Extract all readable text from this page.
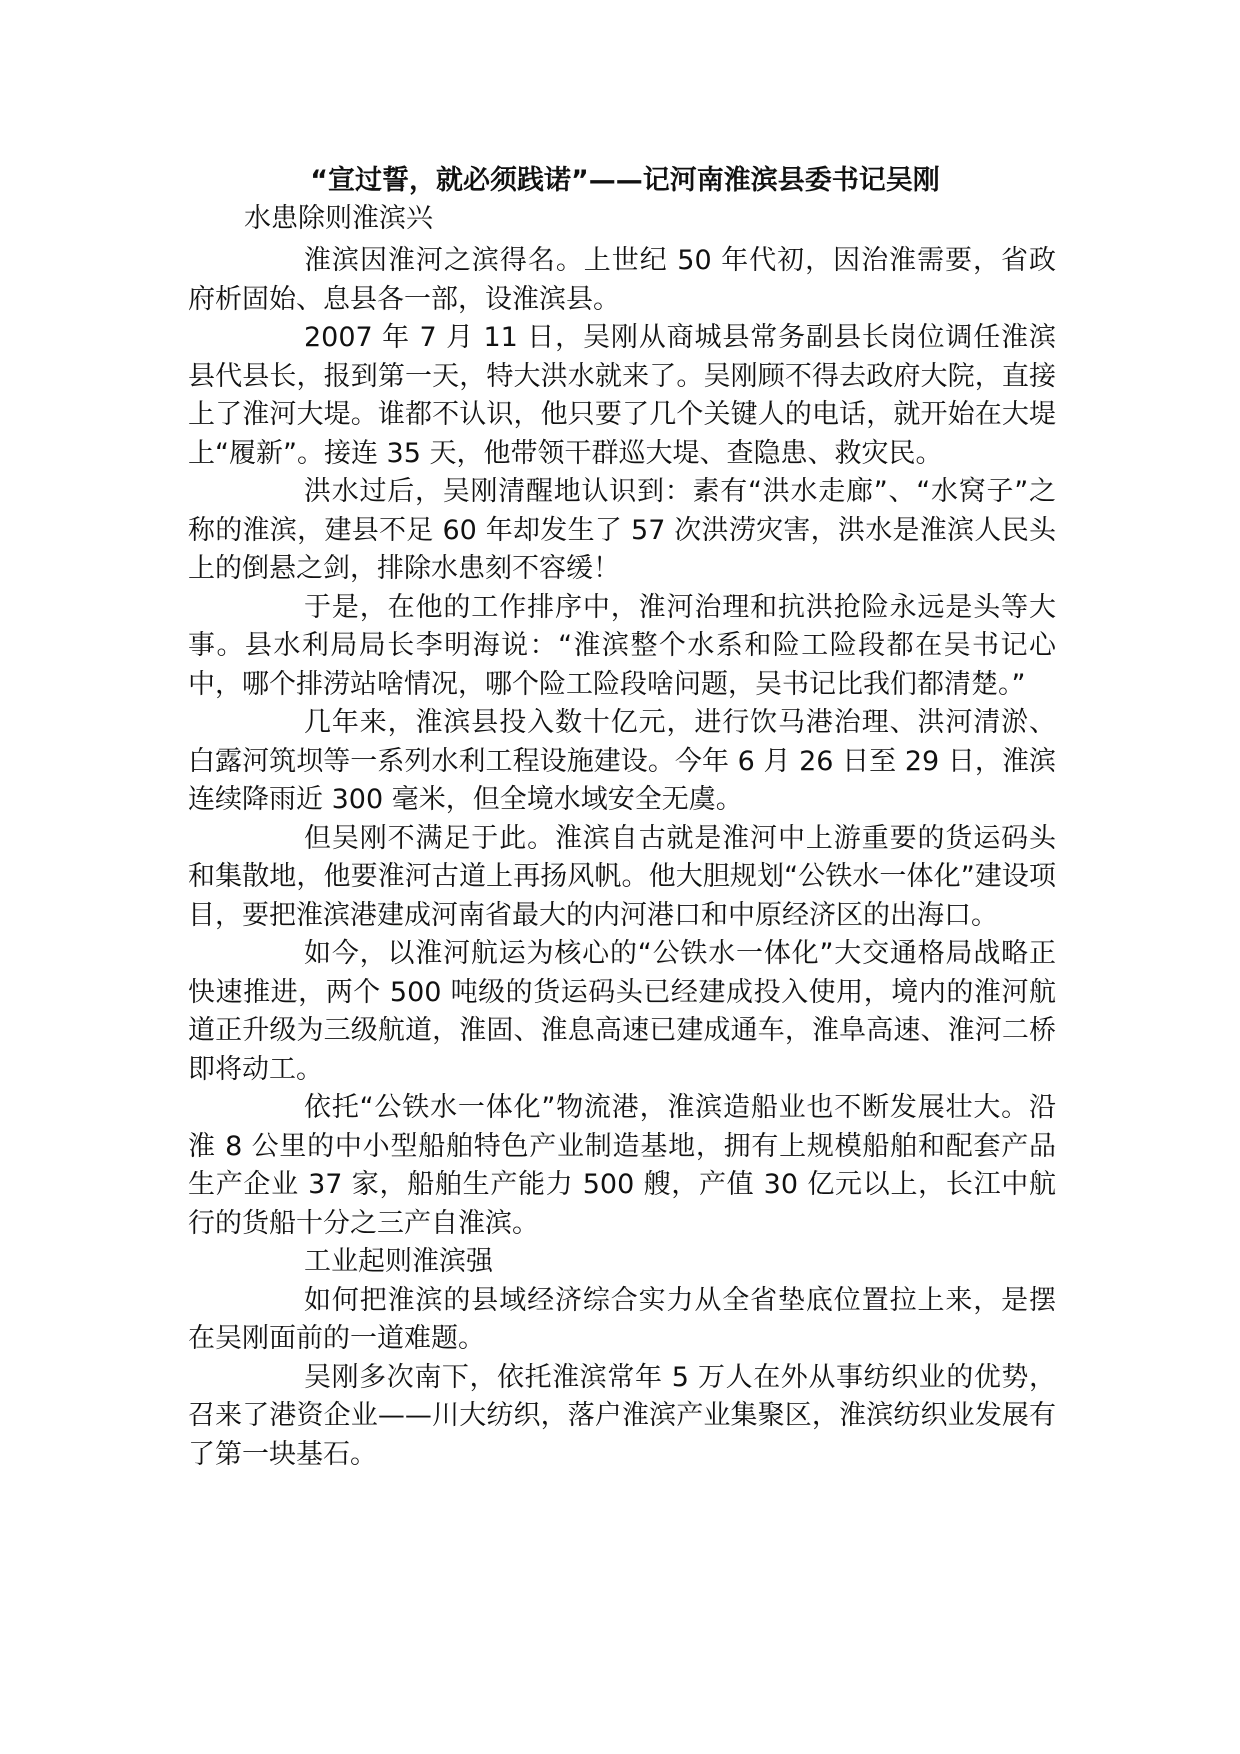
“宣过誓，就必须践诺”——记河南淮滨县委书记吴刚

水患除则淮滨兴

淮滨因淮河之滨得名。上世纪 50 年代初，因治淮需要，省政府析固始、息县各一部，设淮滨县。

2007 年 7 月 11 日，吴刚从商城县常务副县长岗位调任淮滨县代县长，报到第一天，特大洪水就来了。吴刚顾不得去政府大院，直接上了淮河大堤。谁都不认识，他只要了几个关键人的电话，就开始在大堤上“履新”。接连 35 天，他带领干群巡大堤、查隐患、救灾民。

洪水过后，吴刚清醒地认识到：素有“洪水走廊”、“水窝子”之称的淮滨，建县不足 60 年却发生了 57 次洪涝灾害，洪水是淮滨人民头上的倒悬之剑，排除水患刻不容缓！

于是，在他的工作排序中，淮河治理和抗洪抢险永远是头等大事。县水利局局长李明海说：“淮滨整个水系和险工险段都在吴书记心中，哪个排涝站啥情况，哪个险工险段啥问题，吴书记比我们都清楚。”

几年来，淮滨县投入数十亿元，进行饮马港治理、洪河清淤、白露河筑坝等一系列水利工程设施建设。今年 6 月 26 日至 29 日，淮滨连续降雨近 300 毫米，但全境水域安全无虞。

但吴刚不满足于此。淮滨自古就是淮河中上游重要的货运码头和集散地，他要淮河古道上再扬风帆。他大胆规划“公铁水一体化”建设项目，要把淮滨港建成河南省最大的内河港口和中原经济区的出海口。

如今，以淮河航运为核心的“公铁水一体化”大交通格局战略正快速推进，两个 500 吨级的货运码头已经建成投入使用，境内的淮河航道正升级为三级航道，淮固、淮息高速已建成通车，淮阜高速、淮河二桥即将动工。

依托“公铁水一体化”物流港，淮滨造船业也不断发展壮大。沿淮 8 公里的中小型船舶特色产业制造基地，拥有上规模船舶和配套产品生产企业 37 家，船舶生产能力 500 艘，产值 30 亿元以上，长江中航行的货船十分之三产自淮滨。

工业起则淮滨强

如何把淮滨的县域经济综合实力从全省垫底位置拉上来，是摆在吴刚面前的一道难题。

吴刚多次南下，依托淮滨常年 5 万人在外从事纺织业的优势，召来了港资企业——川大纺织，落户淮滨产业集聚区，淮滨纺织业发展有了第一块基石。
